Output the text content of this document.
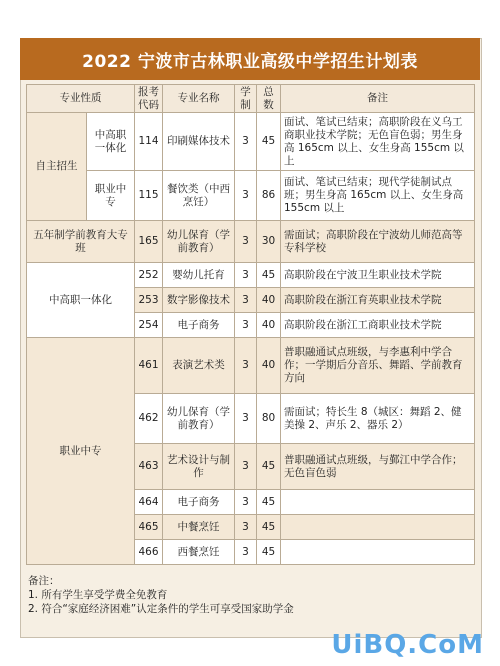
2022 宁波市古林职业高级中学招生计划表
专业性质		报考代码	专业名称	学制	总数	备注
自主招生	中高职一体化	114	印刷媒体技术	3	45	面试、笔试已结束；高职阶段在义乌工商职业技术学院；无色盲色弱；男生身高 165cm 以上、女生身高 155cm 以上
	职业中专	115	餐饮类（中西烹饪）	3	86	面试、笔试已结束；现代学徒制试点班；男生身高 165cm 以上、女生身高 155cm 以上
五年制学前教育大专班		165	幼儿保育（学前教育）	3	30	需面试；高职阶段在宁波幼儿师范高等专科学校
中高职一体化		252	婴幼儿托育	3	45	高职阶段在宁波卫生职业技术学院
		253	数字影像技术	3	40	高职阶段在浙江育英职业技术学院
		254	电子商务	3	40	高职阶段在浙江工商职业技术学院
职业中专		461	表演艺术类	3	40	普职融通试点班级，与李惠利中学合作；一学期后分音乐、舞蹈、学前教育方向
		462	幼儿保育（学前教育）	3	80	需面试；特长生 8（城区：舞蹈 2、健美操 2、声乐 2、器乐 2）
		463	艺术设计与制作	3	45	普职融通试点班级，与鄞江中学合作；无色盲色弱
		464	电子商务	3	45	
		465	中餐烹饪	3	45	
		466	西餐烹饪	3	45	
备注：
1. 所有学生享受学费全免教育
2. 符合“家庭经济困难”认定条件的学生可享受国家助学金
UiBQ.CoM
